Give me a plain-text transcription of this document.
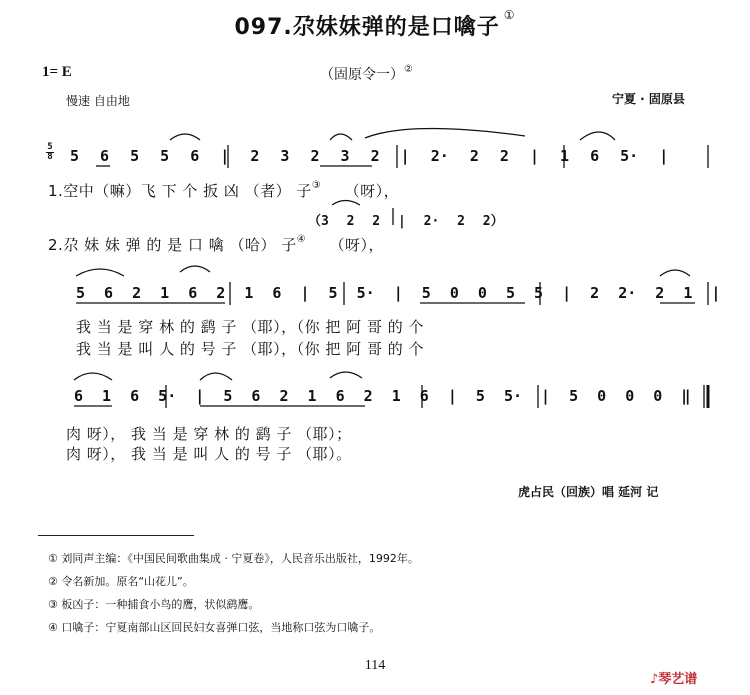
097.尕妹妹弹的是口噙子 ①
1= E	（固原令一）②
慢速 自由地	宁夏 · 固原县
5
8 5 6 5 5 6 | 2 3 2 3 2 | 2· 2 2 | 1 6 5· |
1.空中（嘛）飞 下 个 扳 凶 （者） 子③ （呀），
（3 2 2 | 2· 2 2）
2.尕 妹 妹 弹 的 是 口 噙 （哈） 子④ （呀），
5 6 2 1 6 2 1 6 | 5 5· | 5 0 0 5 5 | 2 2· 2 1 |
我 当 是 穿 林 的 鹞 子 （耶），（你 把 阿 哥 的 个
我 当 是 叫 人 的 号 子 （耶），（你 把 阿 哥 的 个
6 1 6 5· | 5 6 2 1 6 2 1 6 | 5 5· | 5 0 0 0 ‖
肉 呀）， 我 当 是 穿 林 的 鹞 子 （耶）；
肉 呀）， 我 当 是 叫 人 的 号 子 （耶）。
虎占民（回族）唱 延河 记
① 刘同声主编：《中国民间歌曲集成 · 宁夏卷》，人民音乐出版社，1992年。
② 令名新加。原名“山花儿”。
③ 板凶子：一种捕食小鸟的鹰，状似鹞鹰。
④ 口噙子：宁夏南部山区回民妇女喜弹口弦，当地称口弦为口噙子。
114
♪琴艺谱
